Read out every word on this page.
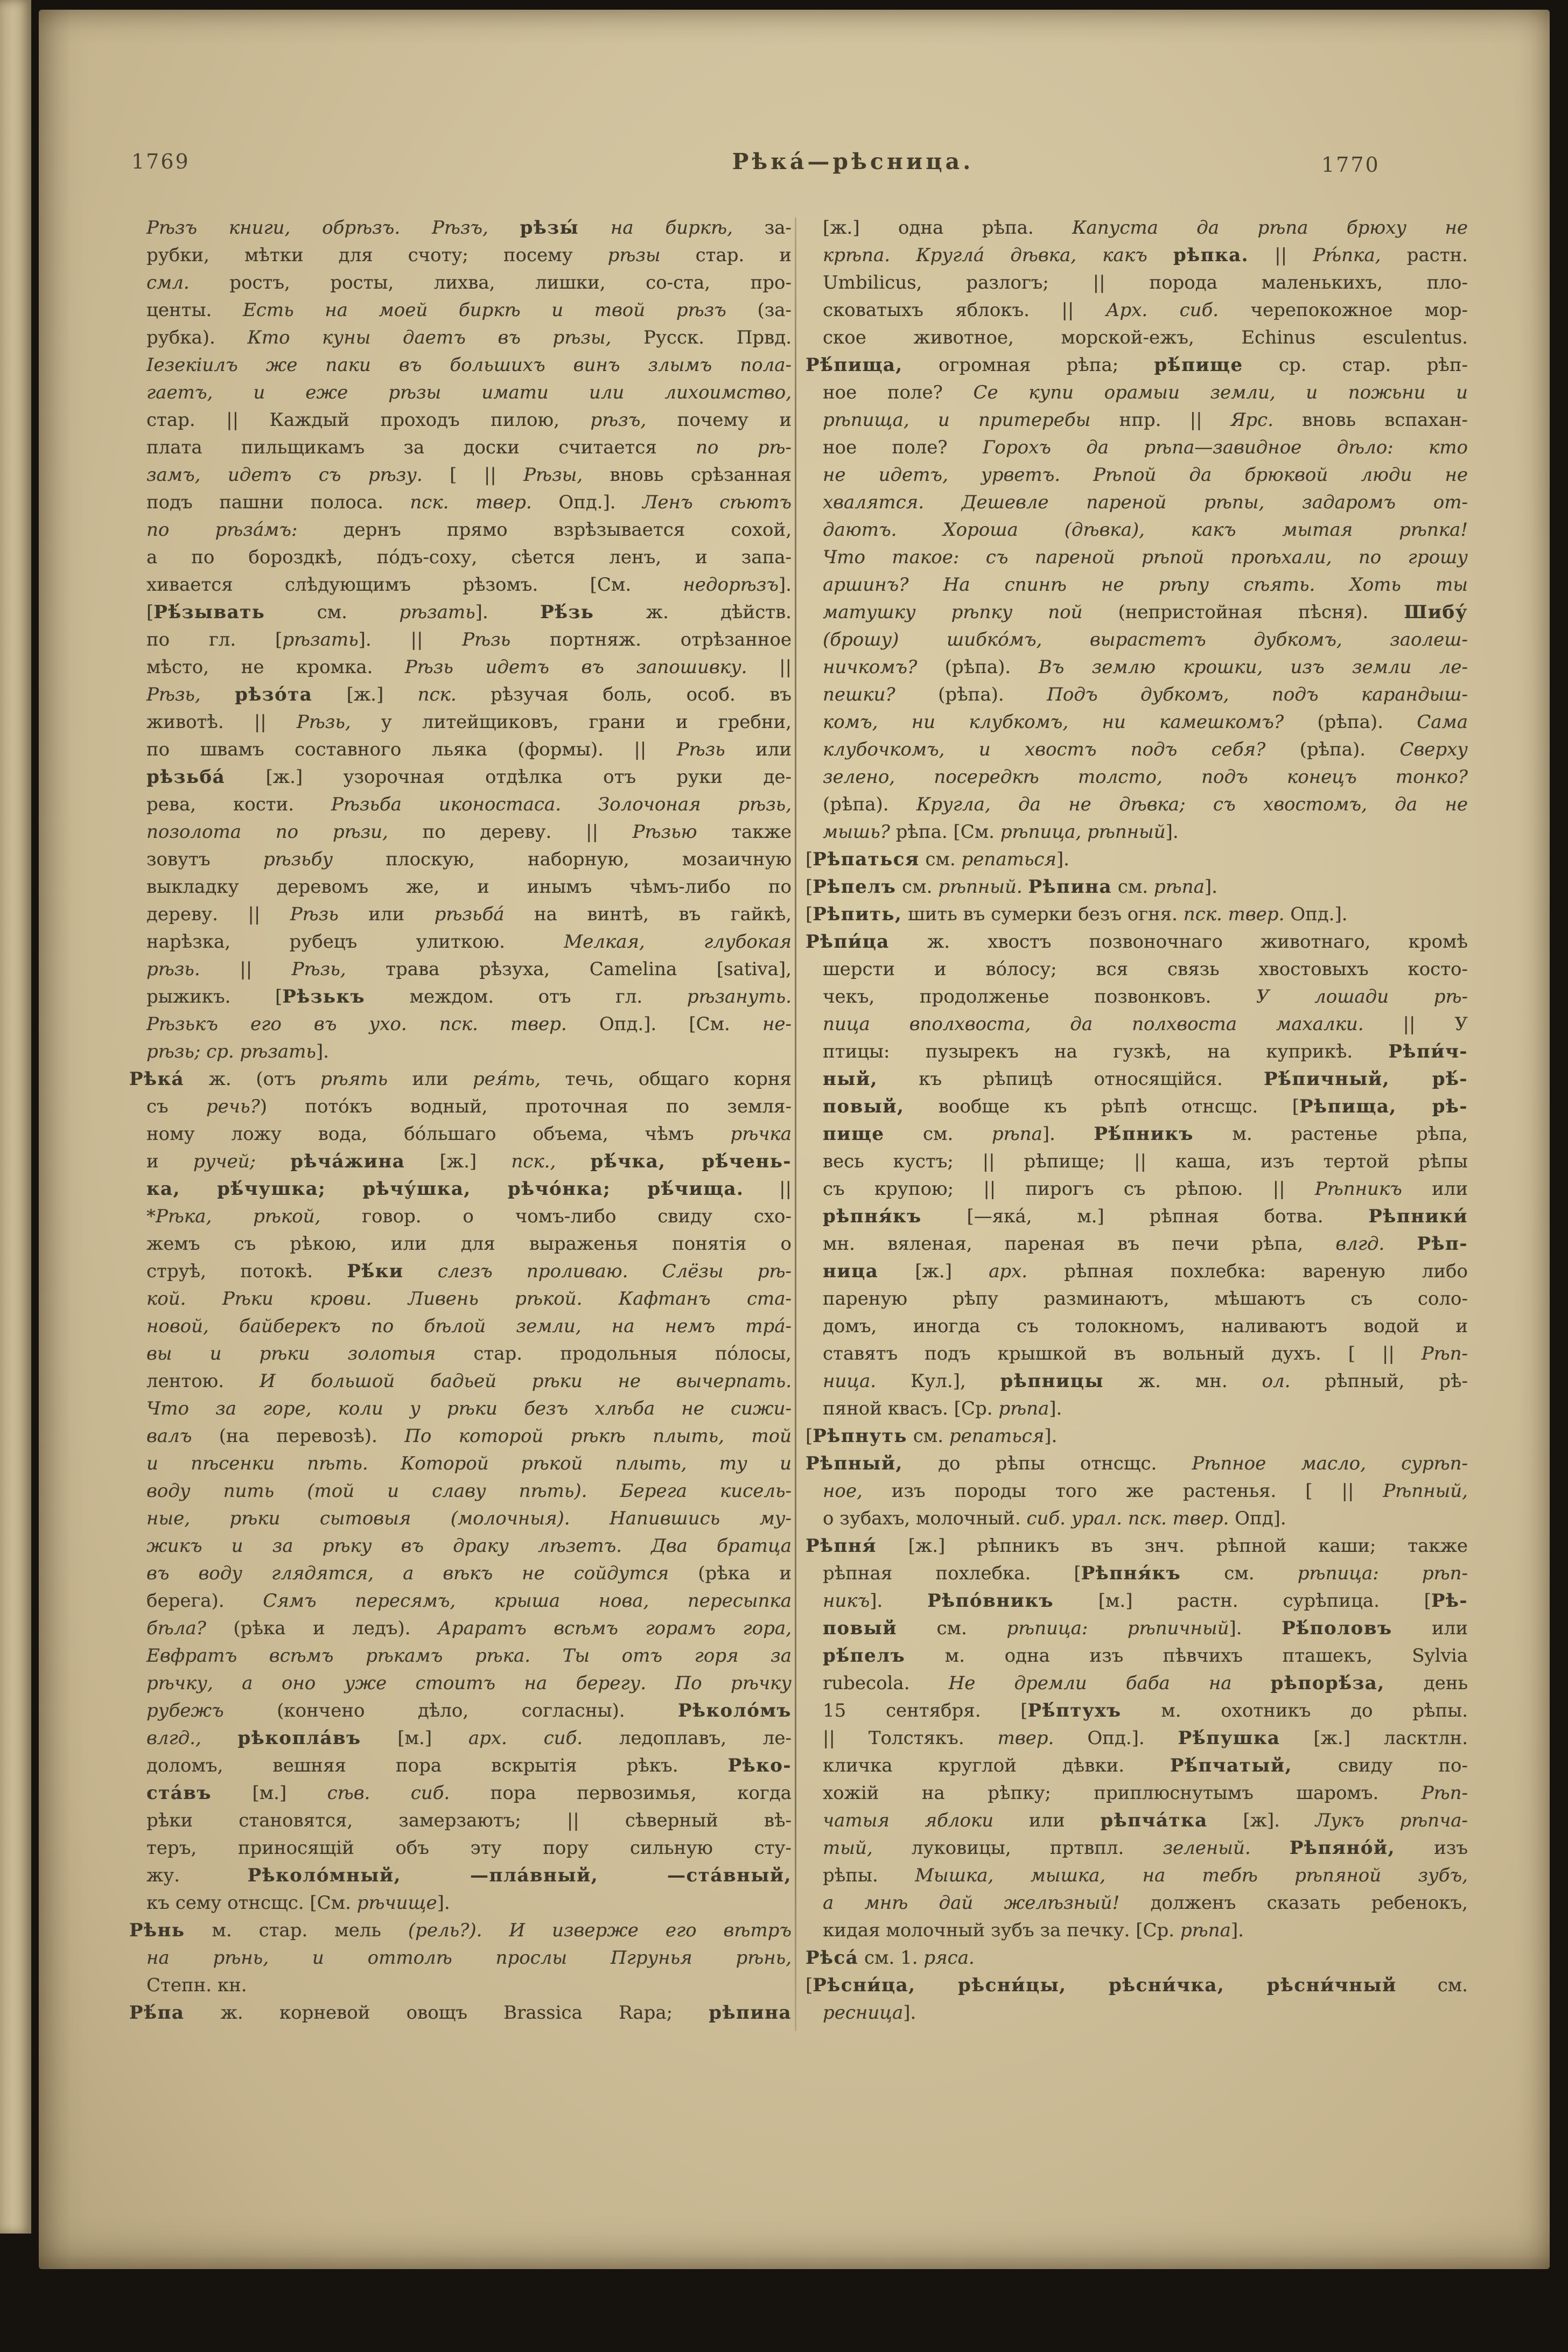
1769	Рѣка́—рѣсница.	1770
Рѣзъ книги, обрѣзъ. Рѣзъ, рѣзы́ на биркѣ, за-
рубки, мѣтки для счоту; посему рѣзы стар. и
смл. ростъ, росты, лихва, лишки, со-ста, про-
центы. Есть на моей биркѣ и твой рѣзъ (за-
рубка). Кто куны даетъ въ рѣзы, Русск. Првд.
Іезекіилъ же паки въ большихъ винъ злымъ пола-
гаетъ, и еже рѣзы имати или лихоимство,
стар. || Каждый проходъ пилою, рѣзъ, почему и
плата пильщикамъ за доски считается по рѣ-
замъ, идетъ съ рѣзу. [ || Рѣзы, вновь срѣзанная
подъ пашни полоса. пск. твер. Опд.]. Ленъ сѣютъ
по рѣза́мъ: дернъ прямо взрѣзывается сохой,
а по бороздкѣ, по́дъ-соху, сѣется ленъ, и запа-
хивается слѣдующимъ рѣзомъ. [См. недорѣзъ].
[Рѣ́зывать см. рѣзать]. Рѣ́зь ж. дѣйств.
по гл. [рѣзать]. || Рѣзь портняж. отрѣзанное
мѣсто, не кромка. Рѣзь идетъ въ запошивку. ||
Рѣзь, рѣзо́та [ж.] пск. рѣзучая боль, особ. въ
животѣ. || Рѣзь, у литейщиковъ, грани и гребни,
по швамъ составного льяка (формы). || Рѣзь или
рѣзьба́ [ж.] узорочная отдѣлка отъ руки де-
рева, кости. Рѣзьба иконостаса. Золочоная рѣзь,
позолота по рѣзи, по дереву. || Рѣзью также
зовутъ рѣзьбу плоскую, наборную, мозаичную
выкладку деревомъ же, и инымъ чѣмъ-либо по
дереву. || Рѣзь или рѣзьба́ на винтѣ, въ гайкѣ,
нарѣзка, рубецъ улиткою. Мелкая, глубокая
рѣзь. || Рѣзь, трава рѣзуха, Camelina [sativa],
рыжикъ. [Рѣзькъ междом. отъ гл. рѣзануть.
Рѣзькъ его въ ухо. пск. твер. Опд.]. [См. не-
рѣзь; ср. рѣзать].
Рѣка́ ж. (отъ рѣять или рея́ть, течь, общаго корня
съ речь?) пото́къ водный, проточная по земля-
ному ложу вода, бо́льшаго объема, чѣмъ рѣчка
и ручей; рѣча́жина [ж.] пск., рѣ́чка, рѣ́чень-
ка, рѣ́чушка; рѣчу́шка, рѣчо́нка; рѣ́чища. ||
*Рѣка, рѣкой, говор. о чомъ-либо свиду схо-
жемъ съ рѣкою, или для выраженья понятія о
струѣ, потокѣ. Рѣ́ки слезъ проливаю. Слёзы рѣ-
кой. Рѣки крови. Ливень рѣкой. Кафтанъ ста-
новой, байберекъ по бѣлой земли, на немъ тра́-
вы и рѣки золотыя стар. продольныя по́лосы,
лентою. И большой бадьей рѣки не вычерпать.
Что за горе, коли у рѣки безъ хлѣба не сижи-
валъ (на перевозѣ). По которой рѣкѣ плыть, той
и пѣсенки пѣть. Которой рѣкой плыть, ту и
воду пить (той и славу пѣть). Берега кисель-
ные, рѣки сытовыя (молочныя). Напившись му-
жикъ и за рѣку въ драку лѣзетъ. Два братца
въ воду глядятся, а вѣкъ не сойдутся (рѣка и
берега). Сямъ пересямъ, крыша нова, пересыпка
бѣла? (рѣка и ледъ). Араратъ всѣмъ горамъ гора,
Евфратъ всѣмъ рѣкамъ рѣка. Ты отъ горя за
рѣчку, а оно уже стоитъ на берегу. По рѣчку
рубежъ (кончено дѣло, согласны). Рѣколо́мъ
влгд., рѣкопла́въ [м.] арх. сиб. ледоплавъ, ле-
доломъ, вешняя пора вскрытія рѣкъ. Рѣко-
ста́въ [м.] сѣв. сиб. пора первозимья, когда
рѣки становятся, замерзаютъ; || сѣверный вѣ-
теръ, приносящій объ эту пору сильную сту-
жу. Рѣколо́мный, —пла́вный, —ста́вный,
къ сему отнсщс. [См. рѣчище].
Рѣнь м. стар. мель (рель?). И изверже его вѣтръ
на рѣнь, и оттолѣ прослы Пгрунья рѣнь,
Степн. кн.
Рѣ́па ж. корневой овощъ Brassica Rapa; рѣпина
[ж.] одна рѣпа. Капуста да рѣпа брюху не
крѣпа. Кругла́ дѣвка, какъ рѣпка. || Рѣ́пка, растн.
Umbilicus, разлогъ; || порода маленькихъ, пло-
сковатыхъ яблокъ. || Арх. сиб. черепокожное мор-
ское животное, морской-ежъ, Echinus esculentus.
Рѣ́пища, огромная рѣпа; рѣ́пище ср. стар. рѣп-
ное поле? Се купи орамыи земли, и пожьни и
рѣпища, и притеребы нпр. || Ярс. вновь вспахан-
ное поле? Горохъ да рѣпа—завидное дѣло: кто
не идетъ, урветъ. Рѣпой да брюквой люди не
хвалятся. Дешевле пареной рѣпы, задаромъ от-
даютъ. Хороша (дѣвка), какъ мытая рѣпка!
Что такое: съ пареной рѣпой проѣхали, по грошу
аршинъ? На спинѣ не рѣпу сѣять. Хоть ты
матушку рѣпку пой (непристойная пѣсня). Шибу́
(брошу) шибко́мъ, вырастетъ дубкомъ, заолеш-
ничкомъ? (рѣпа). Въ землю крошки, изъ земли ле-
пешки? (рѣпа). Подъ дубкомъ, подъ карандыш-
комъ, ни клубкомъ, ни камешкомъ? (рѣпа). Сама
клубочкомъ, и хвостъ подъ себя? (рѣпа). Сверху
зелено, посередкѣ толсто, подъ конецъ тонко?
(рѣпа). Кругла, да не дѣвка; съ хвостомъ, да не
мышь? рѣпа. [См. рѣпица, рѣпный].
[Рѣпаться см. репаться].
[Рѣпелъ см. рѣпный. Рѣпина см. рѣпа].
[Рѣпить, шить въ сумерки безъ огня. пск. твер. Опд.].
Рѣпи́ца ж. хвостъ позвоночнаго животнаго, кромѣ
шерсти и во́лосу; вся связь хвостовыхъ косто-
чекъ, продолженье позвонковъ. У лошади рѣ-
пица вполхвоста, да полхвоста махалки. || У
птицы: пузырекъ на гузкѣ, на куприкѣ. Рѣпи́ч-
ный, къ рѣпицѣ относящійся. Рѣ́пичный, рѣ́-
повый, вообще къ рѣпѣ отнсщс. [Рѣпища, рѣ-
пище см. рѣпа]. Рѣ́пникъ м. растенье рѣпа,
весь кустъ; || рѣпище; || каша, изъ тертой рѣпы
съ крупою; || пирогъ съ рѣпою. || Рѣпникъ или
рѣпня́къ [—яка́, м.] рѣпная ботва. Рѣпники́
мн. вяленая, пареная въ печи рѣпа, влгд. Рѣп-
ница [ж.] арх. рѣпная похлебка: вареную либо
пареную рѣпу разминаютъ, мѣшаютъ съ соло-
домъ, иногда съ толокномъ, наливаютъ водой и
ставятъ подъ крышкой въ вольный духъ. [ || Рѣп-
ница. Кул.], рѣпницы ж. мн. ол. рѣпный, рѣ-
пяной квасъ. [Ср. рѣпа].
[Рѣпнуть см. репаться].
Рѣпный, до рѣпы отнсщс. Рѣпное масло, сурѣп-
ное, изъ породы того же растенья. [ || Рѣпный,
о зубахъ, молочный. сиб. урал. пск. твер. Опд].
Рѣпня́ [ж.] рѣпникъ въ знч. рѣпной каши; также
рѣпная похлебка. [Рѣпня́къ см. рѣпица: рѣп-
никъ]. Рѣпо́вникъ [м.] растн. сурѣпица. [Рѣ-
повый см. рѣпица: рѣпичный]. Рѣ́половъ или
рѣ́пелъ м. одна изъ пѣвчихъ пташекъ, Sylvia
rubecola. Не дремли баба на рѣпорѣ́за, день
15 сентября. [Рѣ́птухъ м. охотникъ до рѣпы.
|| Толстякъ. твер. Опд.]. Рѣ́пушка [ж.] ласктлн.
кличка круглой дѣвки. Рѣ́пчатый, свиду по-
хожій на рѣпку; приплюснутымъ шаромъ. Рѣп-
чатыя яблоки или рѣпча́тка [ж]. Лукъ рѣпча-
тый, луковицы, пртвпл. зеленый. Рѣпяно́й, изъ
рѣпы. Мышка, мышка, на тебѣ рѣпяной зубъ,
а мнѣ дай желѣзный! долженъ сказать ребенокъ,
кидая молочный зубъ за печку. [Ср. рѣпа].
Рѣса́ см. 1. ряса.
[Рѣсни́ца, рѣсни́цы, рѣсни́чка, рѣсни́чный см.
ресница].
